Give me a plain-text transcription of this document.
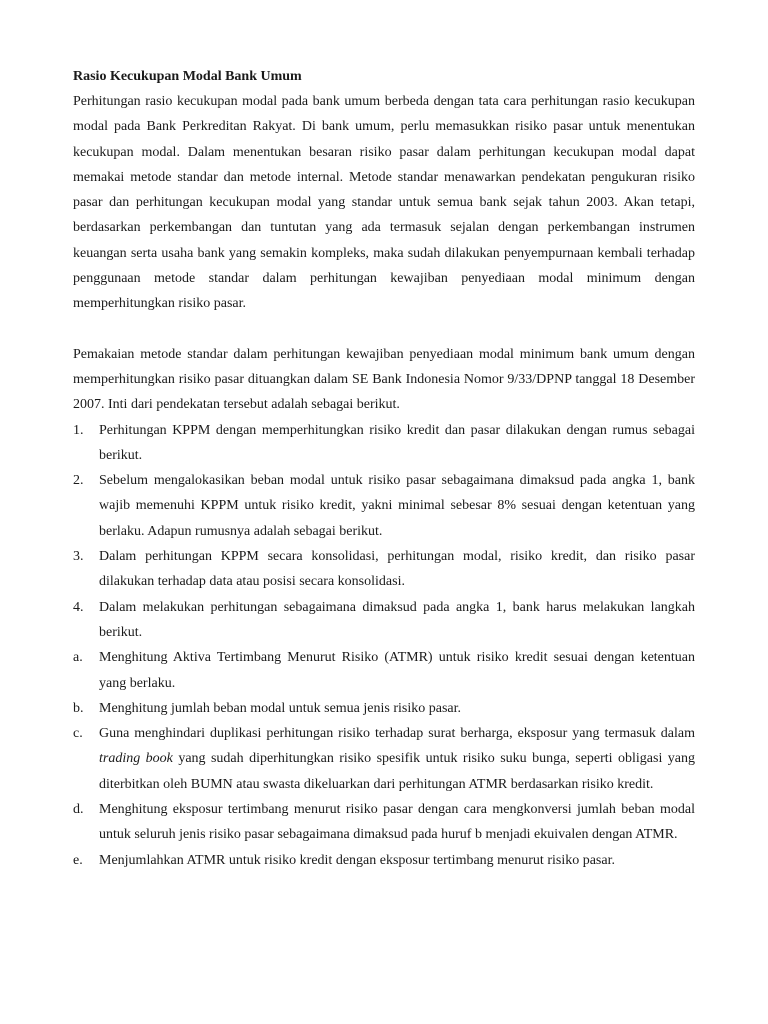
Rasio Kecukupan Modal Bank Umum

Perhitungan rasio kecukupan modal pada bank umum berbeda dengan tata cara perhitungan rasio kecukupan modal pada Bank Perkreditan Rakyat. Di bank umum, perlu memasukkan risiko pasar untuk menentukan kecukupan modal. Dalam menentukan besaran risiko pasar dalam perhitungan kecukupan modal dapat memakai metode standar dan metode internal. Metode standar menawarkan pendekatan pengukuran risiko pasar dan perhitungan kecukupan modal yang standar untuk semua bank sejak tahun 2003. Akan tetapi, berdasarkan perkembangan dan tuntutan yang ada termasuk sejalan dengan perkembangan instrumen keuangan serta usaha bank yang semakin kompleks, maka sudah dilakukan penyempurnaan kembali terhadap penggunaan metode standar dalam perhitungan kewajiban penyediaan modal minimum dengan memperhitungkan risiko pasar.

Pemakaian metode standar dalam perhitungan kewajiban penyediaan modal minimum bank umum dengan memperhitungkan risiko pasar dituangkan dalam SE Bank Indonesia Nomor 9/33/DPNP tanggal 18 Desember 2007. Inti dari pendekatan tersebut adalah sebagai berikut.

1. Perhitungan KPPM dengan memperhitungkan risiko kredit dan pasar dilakukan dengan rumus sebagai berikut.

2. Sebelum mengalokasikan beban modal untuk risiko pasar sebagaimana dimaksud pada angka 1, bank wajib memenuhi KPPM untuk risiko kredit, yakni minimal sebesar 8% sesuai dengan ketentuan yang berlaku. Adapun rumusnya adalah sebagai berikut.

3. Dalam perhitungan KPPM secara konsolidasi, perhitungan modal, risiko kredit, dan risiko pasar dilakukan terhadap data atau posisi secara konsolidasi.

4. Dalam melakukan perhitungan sebagaimana dimaksud pada angka 1, bank harus melakukan langkah berikut.

a. Menghitung Aktiva Tertimbang Menurut Risiko (ATMR) untuk risiko kredit sesuai dengan ketentuan yang berlaku.

b. Menghitung jumlah beban modal untuk semua jenis risiko pasar.

c. Guna menghindari duplikasi perhitungan risiko terhadap surat berharga, eksposur yang termasuk dalam trading book yang sudah diperhitungkan risiko spesifik untuk risiko suku bunga, seperti obligasi yang diterbitkan oleh BUMN atau swasta dikeluarkan dari perhitungan ATMR berdasarkan risiko kredit.

d. Menghitung eksposur tertimbang menurut risiko pasar dengan cara mengkonversi jumlah beban modal untuk seluruh jenis risiko pasar sebagaimana dimaksud pada huruf b menjadi ekuivalen dengan ATMR.

e. Menjumlahkan ATMR untuk risiko kredit dengan eksposur tertimbang menurut risiko pasar.
